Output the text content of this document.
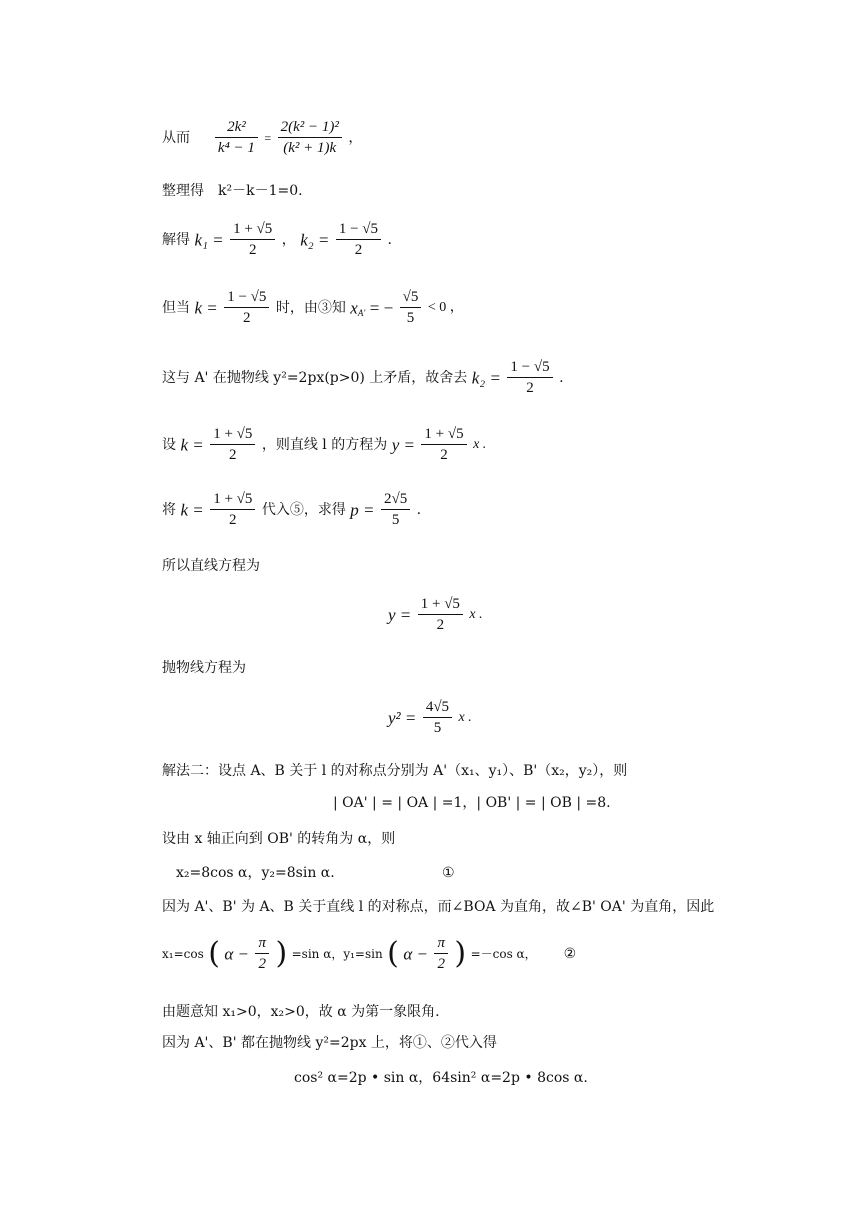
从而 $\frac{\text{2k²}}{\text{k⁴ − 1}} = \frac{\text{2(k² − 1)²}}{\text{(k² + 1)k}}$ ，
整理得　k²－k－1=0.
解得 $k_1 = \frac{1 + √5}{2}$ ， $k_2 = \frac{1 - √5}{2}$ .
但当 $k = \frac{1 - √5}{2}$ 时，由③知 $x_{A'}$ = − $\frac{√5}{5} < 0$ ，
这与 A' 在抛物线 y²=2px(p>0) 上矛盾，故舍去 $k_2 = \frac{1 - √5}{2}$ .
设 $k = \frac{1 + √5}{2}$ ，则直线 l 的方程为 $y = \frac{1 + √5}{2}$ x .
将 $k = \frac{1 + √5}{2}$ 代入⑤，求得 $p = \frac{2√5}{5}$ .
所以直线方程为
$y = \frac{1 + √5}{2}$ x .
抛物线方程为
$y^2 = \frac{4√5}{5}$ x .
解法二：设点 A、B 关于 l 的对称点分别为 A'（x₁、y₁）、B'（x₂，y₂），则
| OA' | = | OA | =1，| OB' | = | OB | =8.
设由 x 轴正向到 OB' 的转角为 α，则
x₂=8cos α，y₂=8sin α.	①
因为 A'、B' 为 A、B 关于直线 l 的对称点，而∠BOA 为直角，故∠B' OA' 为直角，因此
x₁=cos ( $\alpha - \frac{\pi}{2}$ ) =sin α，y₁=sin ( $\alpha - \frac{\pi}{2}$ ) =－cos α， ②
由题意知 x₁>0，x₂>0，故 α 为第一象限角.
因为 A'、B' 都在抛物线 y²=2px 上，将①、②代入得
cos² α=2p • sin α，64sin² α=2p • 8cos α.
